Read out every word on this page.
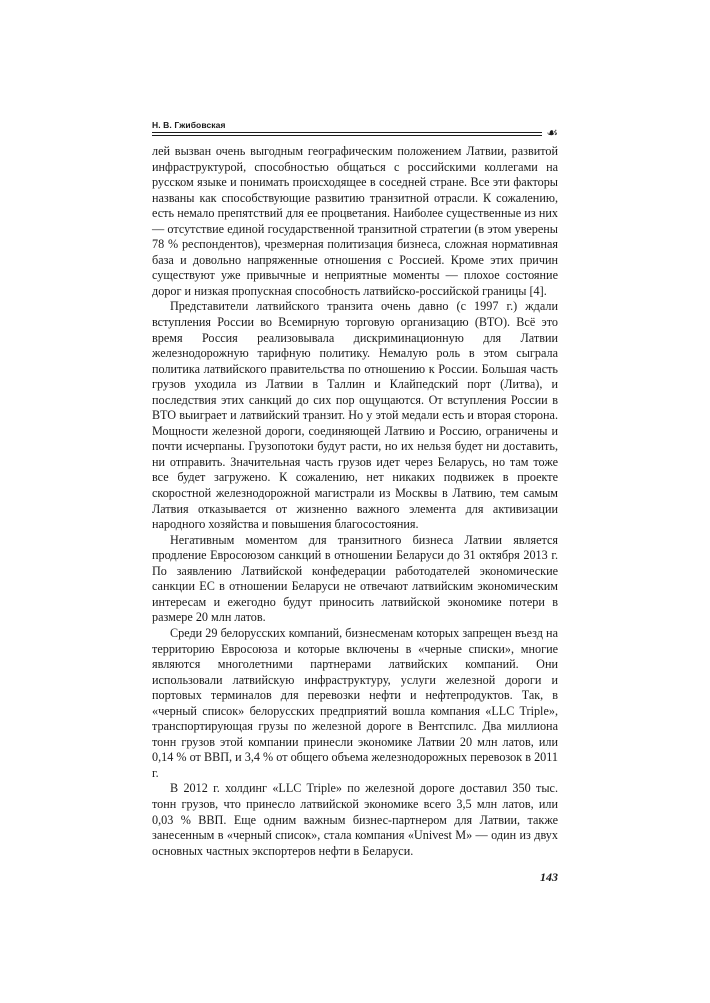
Н. В. Гжибовская	☙

лей вызван очень выгодным географическим положением Латвии, развитой инфраструктурой, способностью общаться с российскими коллегами на русском языке и понимать происходящее в соседней стране. Все эти факторы названы как способствующие развитию транзитной отрасли. К сожалению, есть немало препятствий для ее процветания. Наиболее существенные из них — отсутствие единой государственной транзитной стратегии (в этом уверены 78 % респондентов), чрезмерная политизация бизнеса, сложная нормативная база и довольно напряженные отношения с Россией. Кроме этих причин существуют уже привычные и неприятные моменты — плохое состояние дорог и низкая пропускная способность латвийско-российской границы [4].

Представители латвийского транзита очень давно (с 1997 г.) ждали вступления России во Всемирную торговую организацию (ВТО). Всё это время Россия реализовывала дискриминационную для Латвии железнодорожную тарифную политику. Немалую роль в этом сыграла политика латвийского правительства по отношению к России. Большая часть грузов уходила из Латвии в Таллин и Клайпедский порт (Литва), и последствия этих санкций до сих пор ощущаются. От вступления России в ВТО выиграет и латвийский транзит. Но у этой медали есть и вторая сторона. Мощности железной дороги, соединяющей Латвию и Россию, ограничены и почти исчерпаны. Грузопотоки будут расти, но их нельзя будет ни доставить, ни отправить. Значительная часть грузов идет через Беларусь, но там тоже все будет загружено. К сожалению, нет никаких подвижек в проекте скоростной железнодорожной магистрали из Москвы в Латвию, тем самым Латвия отказывается от жизненно важного элемента для активизации народного хозяйства и повышения благосостояния.

Негативным моментом для транзитного бизнеса Латвии является продление Евросоюзом санкций в отношении Беларуси до 31 октября 2013 г. По заявлению Латвийской конфедерации работодателей экономические санкции ЕС в отношении Беларуси не отвечают латвийским экономическим интересам и ежегодно будут приносить латвийской экономике потери в размере 20 млн латов.

Среди 29 белорусских компаний, бизнесменам которых запрещен въезд на территорию Евросоюза и которые включены в «черные списки», многие являются многолетними партнерами латвийских компаний. Они использовали латвийскую инфраструктуру, услуги железной дороги и портовых терминалов для перевозки нефти и нефтепродуктов. Так, в «черный список» белорусских предприятий вошла компания «LLC Triple», транспортирующая грузы по железной дороге в Вентспилс. Два миллиона тонн грузов этой компании принесли экономике Латвии 20 млн латов, или 0,14 % от ВВП, и 3,4 % от общего объема железнодорожных перевозок в 2011 г.

В 2012 г. холдинг «LLC Triple» по железной дороге доставил 350 тыс. тонн грузов, что принесло латвийской экономике всего 3,5 млн латов, или 0,03 % ВВП. Еще одним важным бизнес-партнером для Латвии, также занесенным в «черный список», стала компания «Univest M» — один из двух основных частных экспортеров нефти в Беларуси.

143
